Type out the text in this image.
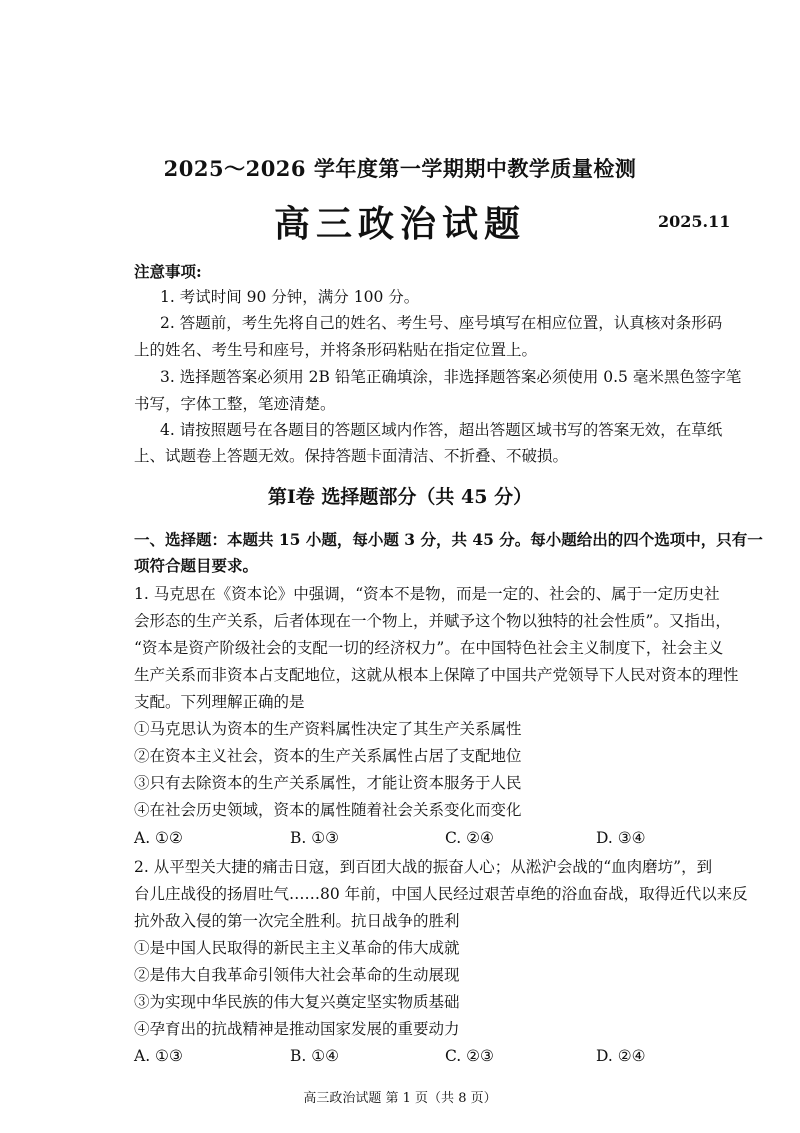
2025～2026 学年度第一学期期中教学质量检测
高三政治试题	2025.11
注意事项:
1. 考试时间 90 分钟，满分 100 分。
2. 答题前，考生先将自己的姓名、考生号、座号填写在相应位置，认真核对条形码
上的姓名、考生号和座号，并将条形码粘贴在指定位置上。
3. 选择题答案必须用 2B 铅笔正确填涂，非选择题答案必须使用 0.5 毫米黑色签字笔
书写，字体工整，笔迹清楚。
4. 请按照题号在各题目的答题区域内作答，超出答题区域书写的答案无效，在草纸
上、试题卷上答题无效。保持答题卡面清洁、不折叠、不破损。
第Ⅰ卷 选择题部分（共 45 分）
一、选择题：本题共 15 小题，每小题 3 分，共 45 分。每小题给出的四个选项中，只有一
项符合题目要求。
1. 马克思在《资本论》中强调，“资本不是物，而是一定的、社会的、属于一定历史社
会形态的生产关系，后者体现在一个物上，并赋予这个物以独特的社会性质”。又指出，
“资本是资产阶级社会的支配一切的经济权力”。在中国特色社会主义制度下，社会主义
生产关系而非资本占支配地位，这就从根本上保障了中国共产党领导下人民对资本的理性
支配。下列理解正确的是
①马克思认为资本的生产资料属性决定了其生产关系属性
②在资本主义社会，资本的生产关系属性占居了支配地位
③只有去除资本的生产关系属性，才能让资本服务于人民
④在社会历史领域，资本的属性随着社会关系变化而变化
A. ①②	B. ①③	C. ②④	D. ③④
2. 从平型关大捷的痛击日寇，到百团大战的振奋人心；从淞沪会战的“血肉磨坊”，到
台儿庄战役的扬眉吐气……80 年前，中国人民经过艰苦卓绝的浴血奋战，取得近代以来反
抗外敌入侵的第一次完全胜利。抗日战争的胜利
①是中国人民取得的新民主主义革命的伟大成就
②是伟大自我革命引领伟大社会革命的生动展现
③为实现中华民族的伟大复兴奠定坚实物质基础
④孕育出的抗战精神是推动国家发展的重要动力
A. ①③	B. ①④	C. ②③	D. ②④
高三政治试题 第 1 页（共 8 页）
